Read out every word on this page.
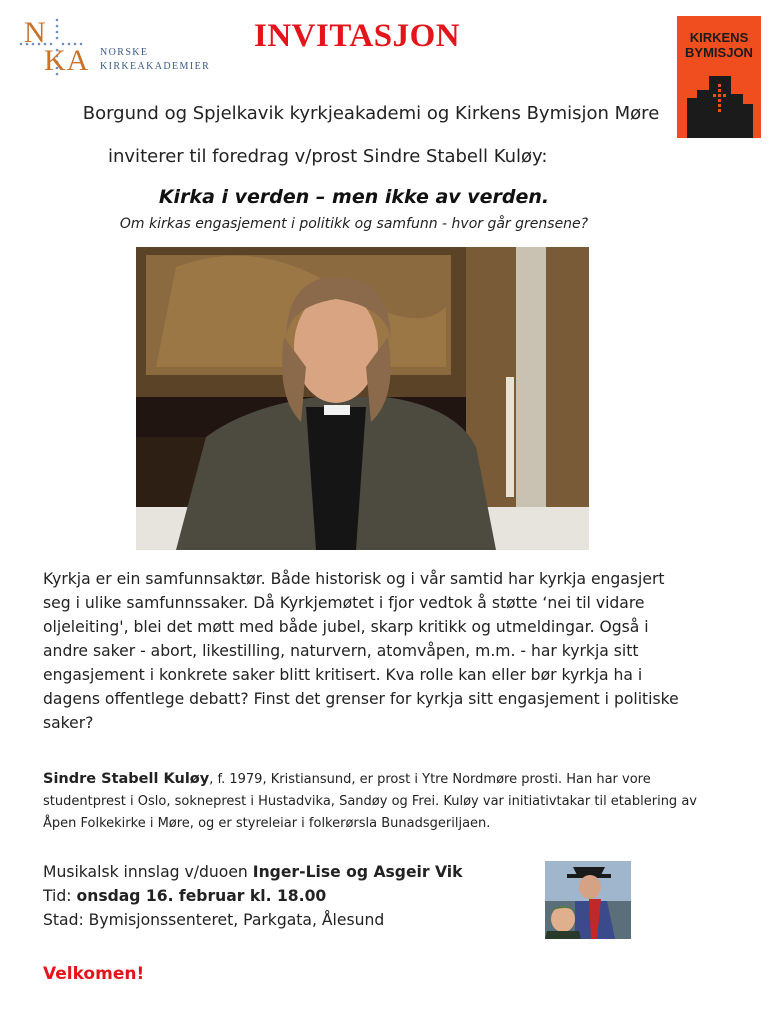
N
KA NORSKE
KIRKEAKADEMIER
INVITASJON	KIRKENS
BYMISJON
Borgund og Spjelkavik kyrkjeakademi og Kirkens Bymisjon Møre
inviterer til foredrag v/prost Sindre Stabell Kuløy:
Kirka i verden – men ikke av verden.
Om kirkas engasjement i politikk og samfunn - hvor går grensene?
Kyrkja er ein samfunnsaktør. Både historisk og i vår samtid har kyrkja engasjert seg i ulike samfunnssaker. Då Kyrkjemøtet i fjor vedtok å støtte ‘nei til vidare oljeleiting', blei det møtt med både jubel, skarp kritikk og utmeldingar. Også i andre saker - abort, likestilling, naturvern, atomvåpen, m.m. - har kyrkja sitt engasjement i konkrete saker blitt kritisert. Kva rolle kan eller bør kyrkja ha i dagens offentlege debatt? Finst det grenser for kyrkja sitt engasjement i politiske saker?
Sindre Stabell Kuløy, f. 1979, Kristiansund, er prost i Ytre Nordmøre prosti. Han har vore studentprest i Oslo, sokneprest i Hustadvika, Sandøy og Frei. Kuløy var initiativtakar til etablering av Åpen Folkekirke i Møre, og er styreleiar i folkerørsla Bunadsgeriljaen.
Musikalsk innslag v/duoen Inger-Lise og Asgeir Vik
Tid: onsdag 16. februar kl. 18.00
Stad: Bymisjonssenteret, Parkgata, Ålesund
Velkomen!
